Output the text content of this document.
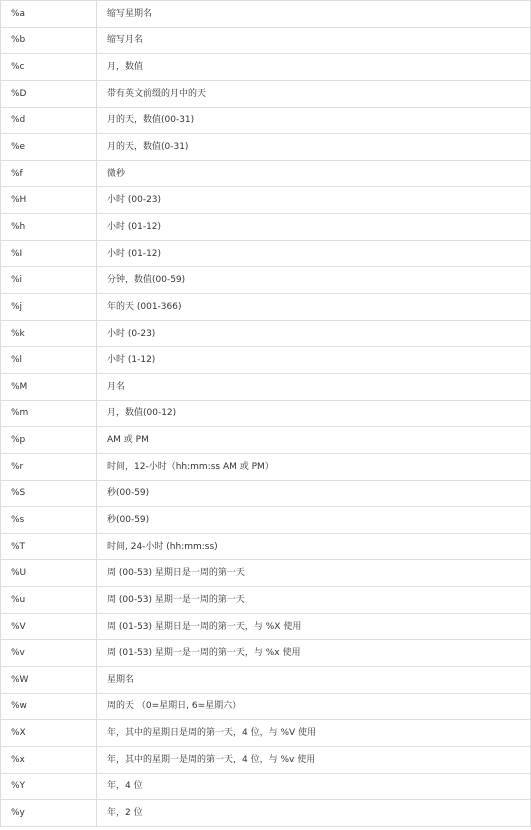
%a	缩写星期名
%b	缩写月名
%c	月，数值
%D	带有英文前缀的月中的天
%d	月的天，数值(00-31)
%e	月的天，数值(0-31)
%f	微秒
%H	小时 (00-23)
%h	小时 (01-12)
%I	小时 (01-12)
%i	分钟，数值(00-59)
%j	年的天 (001-366)
%k	小时 (0-23)
%l	小时 (1-12)
%M	月名
%m	月，数值(00-12)
%p	AM 或 PM
%r	时间，12-小时（hh:mm:ss AM 或 PM）
%S	秒(00-59)
%s	秒(00-59)
%T	时间, 24-小时 (hh:mm:ss)
%U	周 (00-53) 星期日是一周的第一天
%u	周 (00-53) 星期一是一周的第一天
%V	周 (01-53) 星期日是一周的第一天，与 %X 使用
%v	周 (01-53) 星期一是一周的第一天，与 %x 使用
%W	星期名
%w	周的天 （0=星期日, 6=星期六）
%X	年，其中的星期日是周的第一天，4 位，与 %V 使用
%x	年，其中的星期一是周的第一天，4 位，与 %v 使用
%Y	年，4 位
%y	年，2 位
